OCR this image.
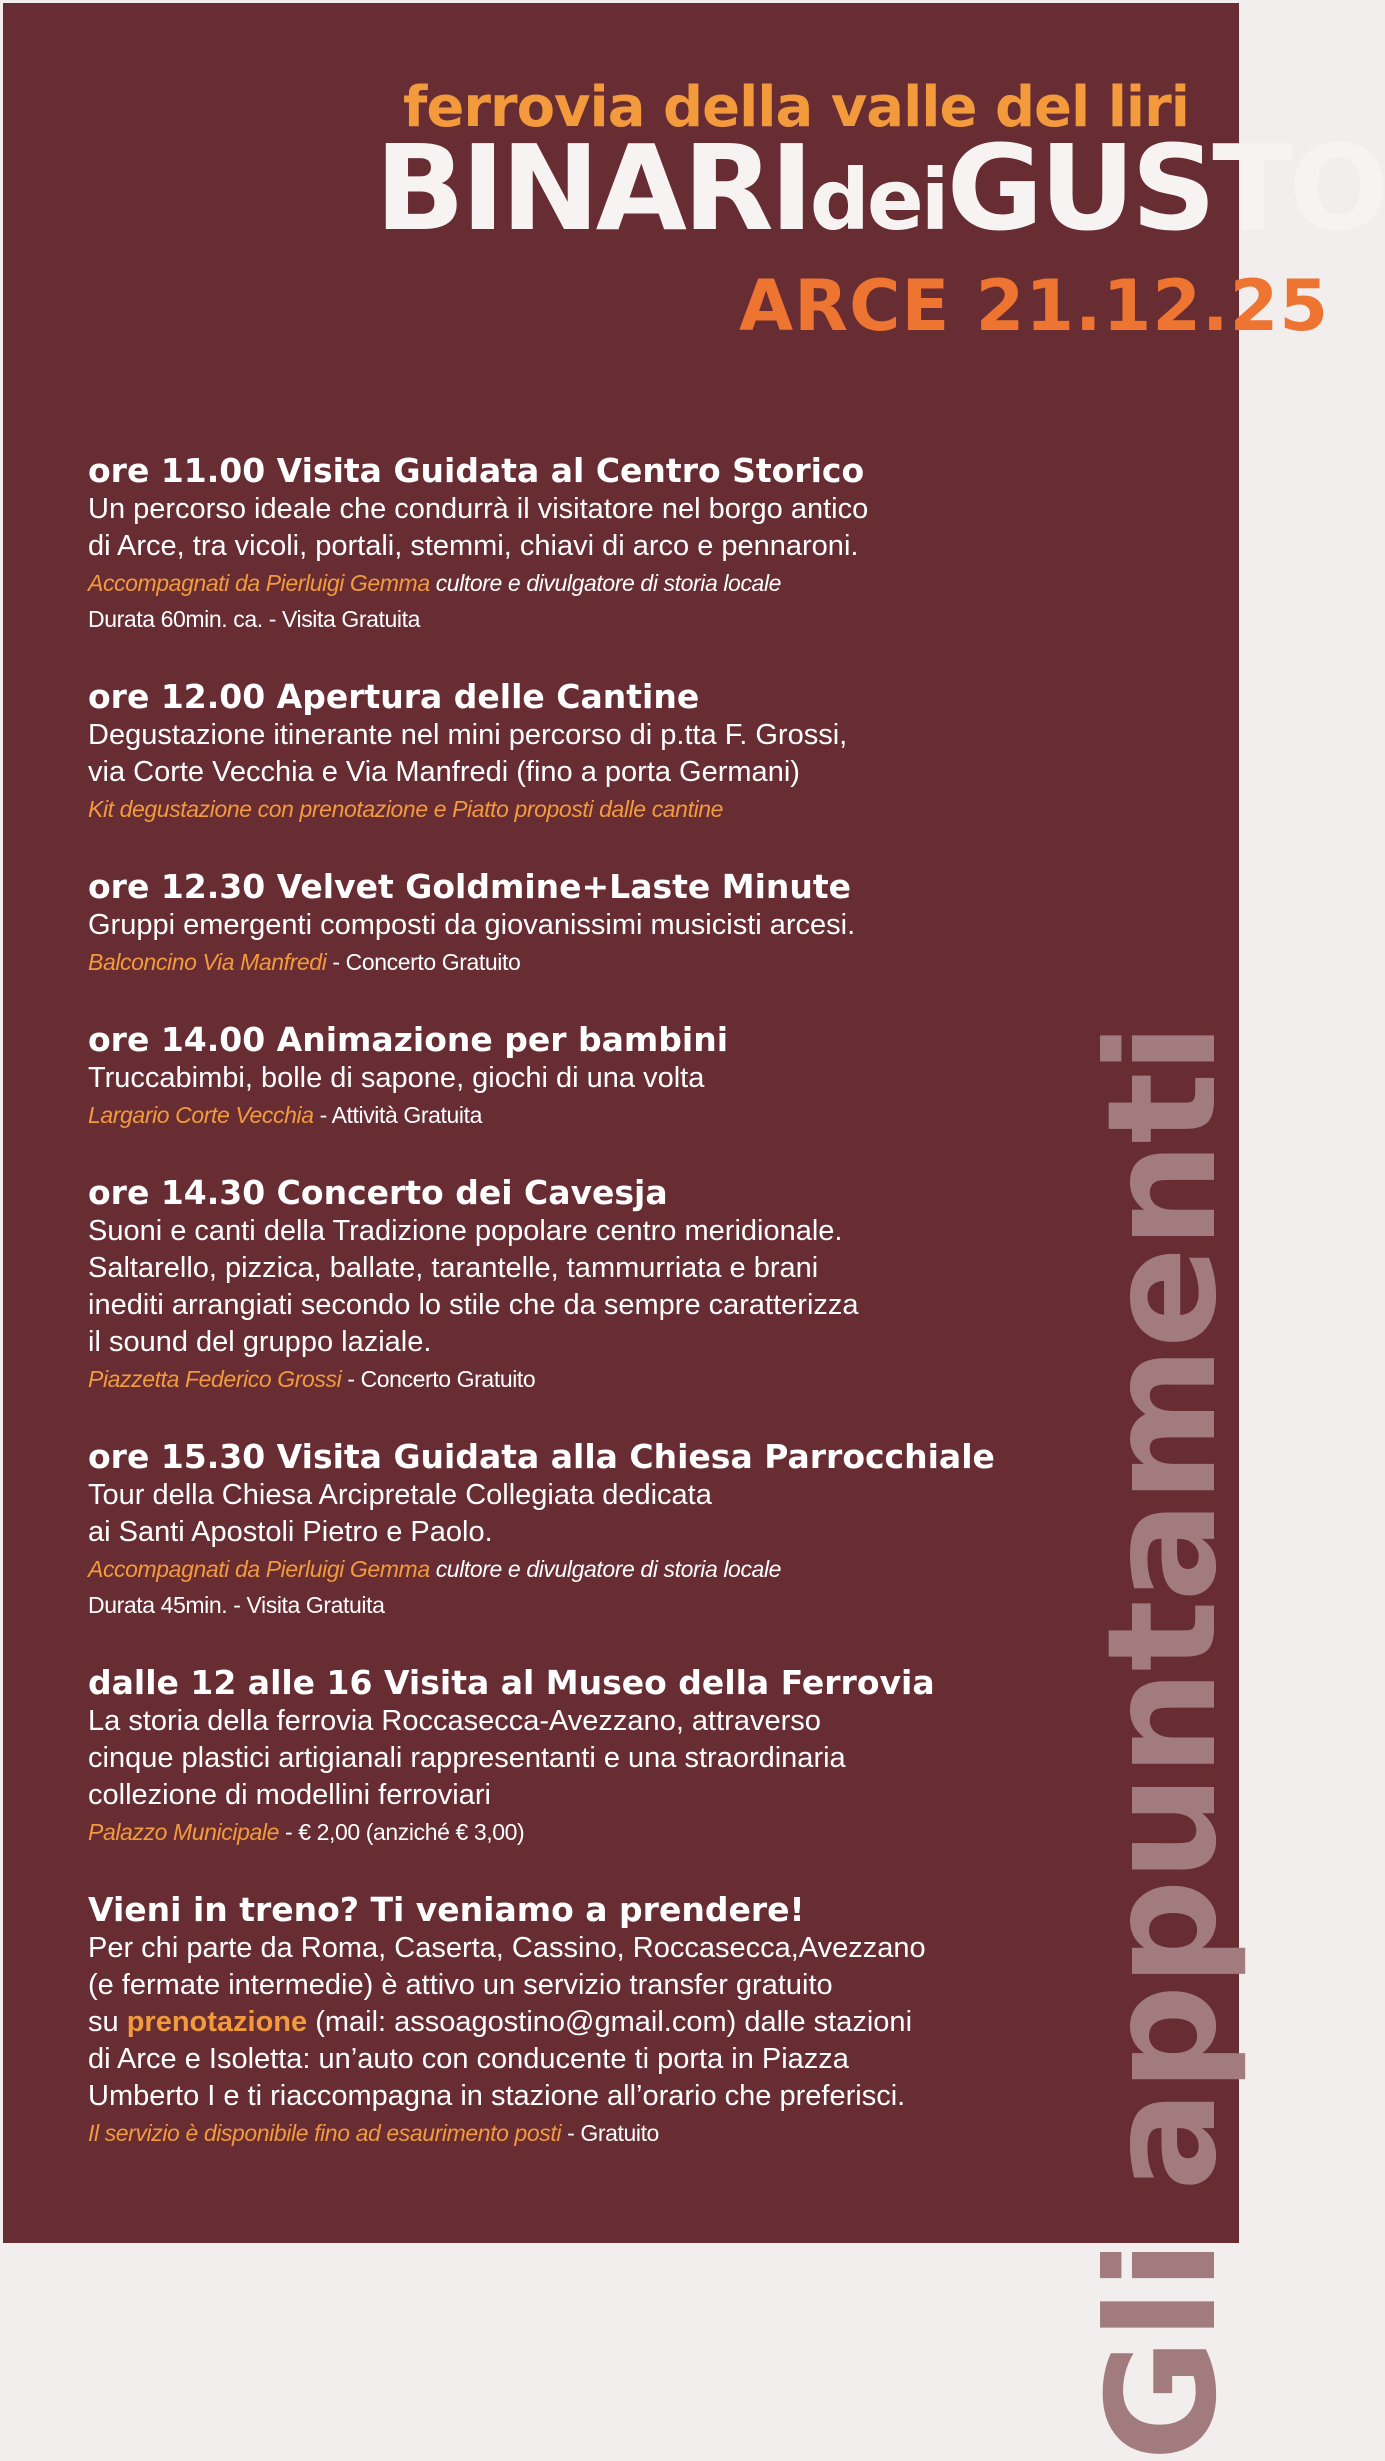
ferrovia della valle del liri
BINARIdeiGUSTO
ARCE 21.12.25
Gli appuntamenti
ore 11.00 Visita Guidata al Centro Storico
Un percorso ideale che condurrà il visitatore nel borgo antico
di Arce, tra vicoli, portali, stemmi, chiavi di arco e pennaroni.
Accompagnati da Pierluigi Gemma cultore e divulgatore di storia locale
Durata 60min. ca. - Visita Gratuita
ore 12.00 Apertura delle Cantine
Degustazione itinerante nel mini percorso di p.tta F. Grossi,
via Corte Vecchia e Via Manfredi (fino a porta Germani)
Kit degustazione con prenotazione e Piatto proposti dalle cantine
ore 12.30 Velvet Goldmine+Laste Minute
Gruppi emergenti composti da giovanissimi musicisti arcesi.
Balconcino Via Manfredi - Concerto Gratuito
ore 14.00 Animazione per bambini
Truccabimbi, bolle di sapone, giochi di una volta
Largario Corte Vecchia - Attività Gratuita
ore 14.30 Concerto dei Cavesja
Suoni e canti della Tradizione popolare centro meridionale.
Saltarello, pizzica, ballate, tarantelle, tammurriata e brani
inediti arrangiati secondo lo stile che da sempre caratterizza
il sound del gruppo laziale.
Piazzetta Federico Grossi - Concerto Gratuito
ore 15.30 Visita Guidata alla Chiesa Parrocchiale
Tour della Chiesa Arcipretale Collegiata dedicata
ai Santi Apostoli Pietro e Paolo.
Accompagnati da Pierluigi Gemma cultore e divulgatore di storia locale
Durata 45min. - Visita Gratuita
dalle 12 alle 16 Visita al Museo della Ferrovia
La storia della ferrovia Roccasecca-Avezzano, attraverso
cinque plastici artigianali rappresentanti e una straordinaria
collezione di modellini ferroviari
Palazzo Municipale - € 2,00 (anziché € 3,00)
Vieni in treno? Ti veniamo a prendere!
Per chi parte da Roma, Caserta, Cassino, Roccasecca,Avezzano
(e fermate intermedie) è attivo un servizio transfer gratuito
su prenotazione (mail: assoagostino@gmail.com) dalle stazioni
di Arce e Isoletta: un’auto con conducente ti porta in Piazza
Umberto I e ti riaccompagna in stazione all’orario che preferisci.
Il servizio è disponibile fino ad esaurimento posti - Gratuito
